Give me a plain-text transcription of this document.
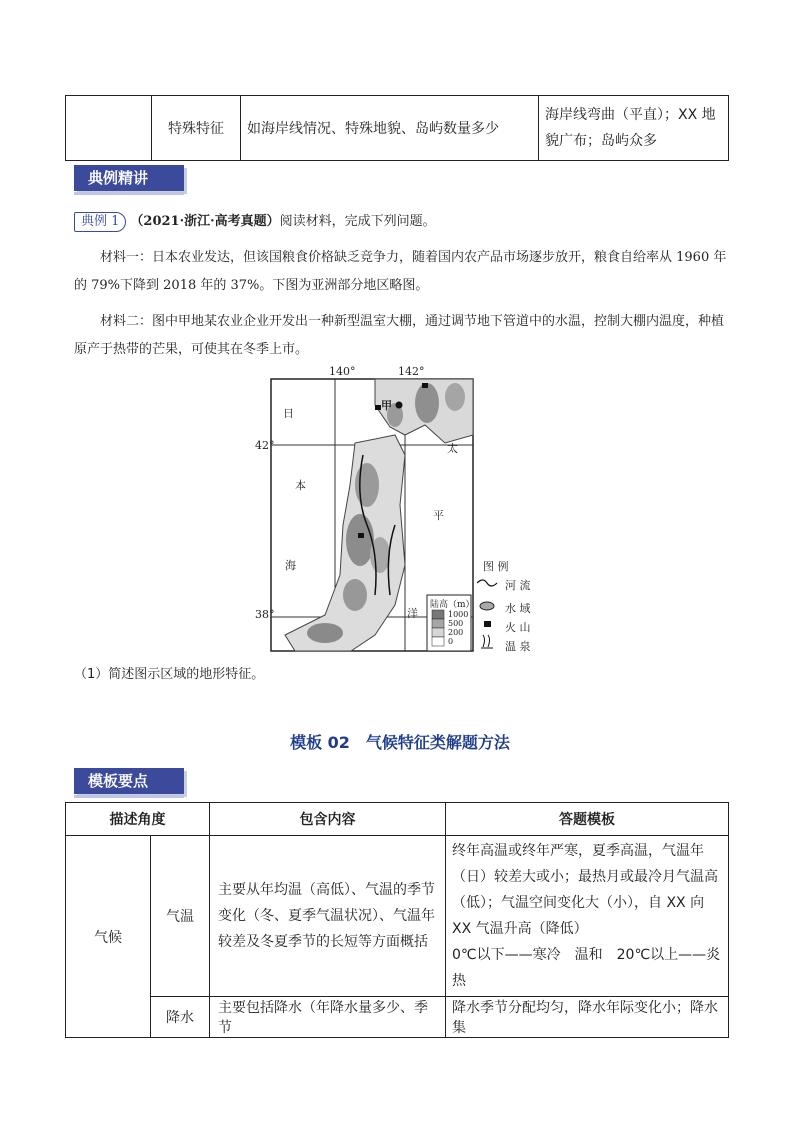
	特殊特征	如海岸线情况、特殊地貌、岛屿数量多少	海岸线弯曲（平直）；XX 地貌广布；岛屿众多
典例精讲
典例 1 （2021·浙江·高考真题）阅读材料，完成下列问题。
材料一：日本农业发达，但该国粮食价格缺乏竞争力，随着国内农产品市场逐步放开，粮食自给率从 1960 年的 79%下降到 2018 年的 37%。下图为亚洲部分地区略图。
材料二：图中甲地某农业企业开发出一种新型温室大棚，通过调节地下管道中的水温，控制大棚内温度，种植原产于热带的芒果，可使其在冬季上市。
140°	142°
42°
38°
甲
日
本
海
太
平
洋
陆高（m）
1000
500
200
0
图 例
河 流
水 域
火 山
温 泉
（1）简述图示区域的地形特征。
模板 02　气候特征类解题方法
模板要点
描述角度		包含内容	答题模板
气候	气温	主要从年均温（高低）、气温的季节变化（冬、夏季气温状况）、气温年较差及冬夏季节的长短等方面概括	终年高温或终年严寒，夏季高温，气温年（日）较差大或小；最热月或最冷月气温高（低）；气温空间变化大（小），自 XX 向 XX 气温升高（降低）
0℃以下——寒冷　温和　20℃以上——炎热

	降水	主要包括降水（年降水量多少、季节	降水季节分配均匀，降水年际变化小；降水集
